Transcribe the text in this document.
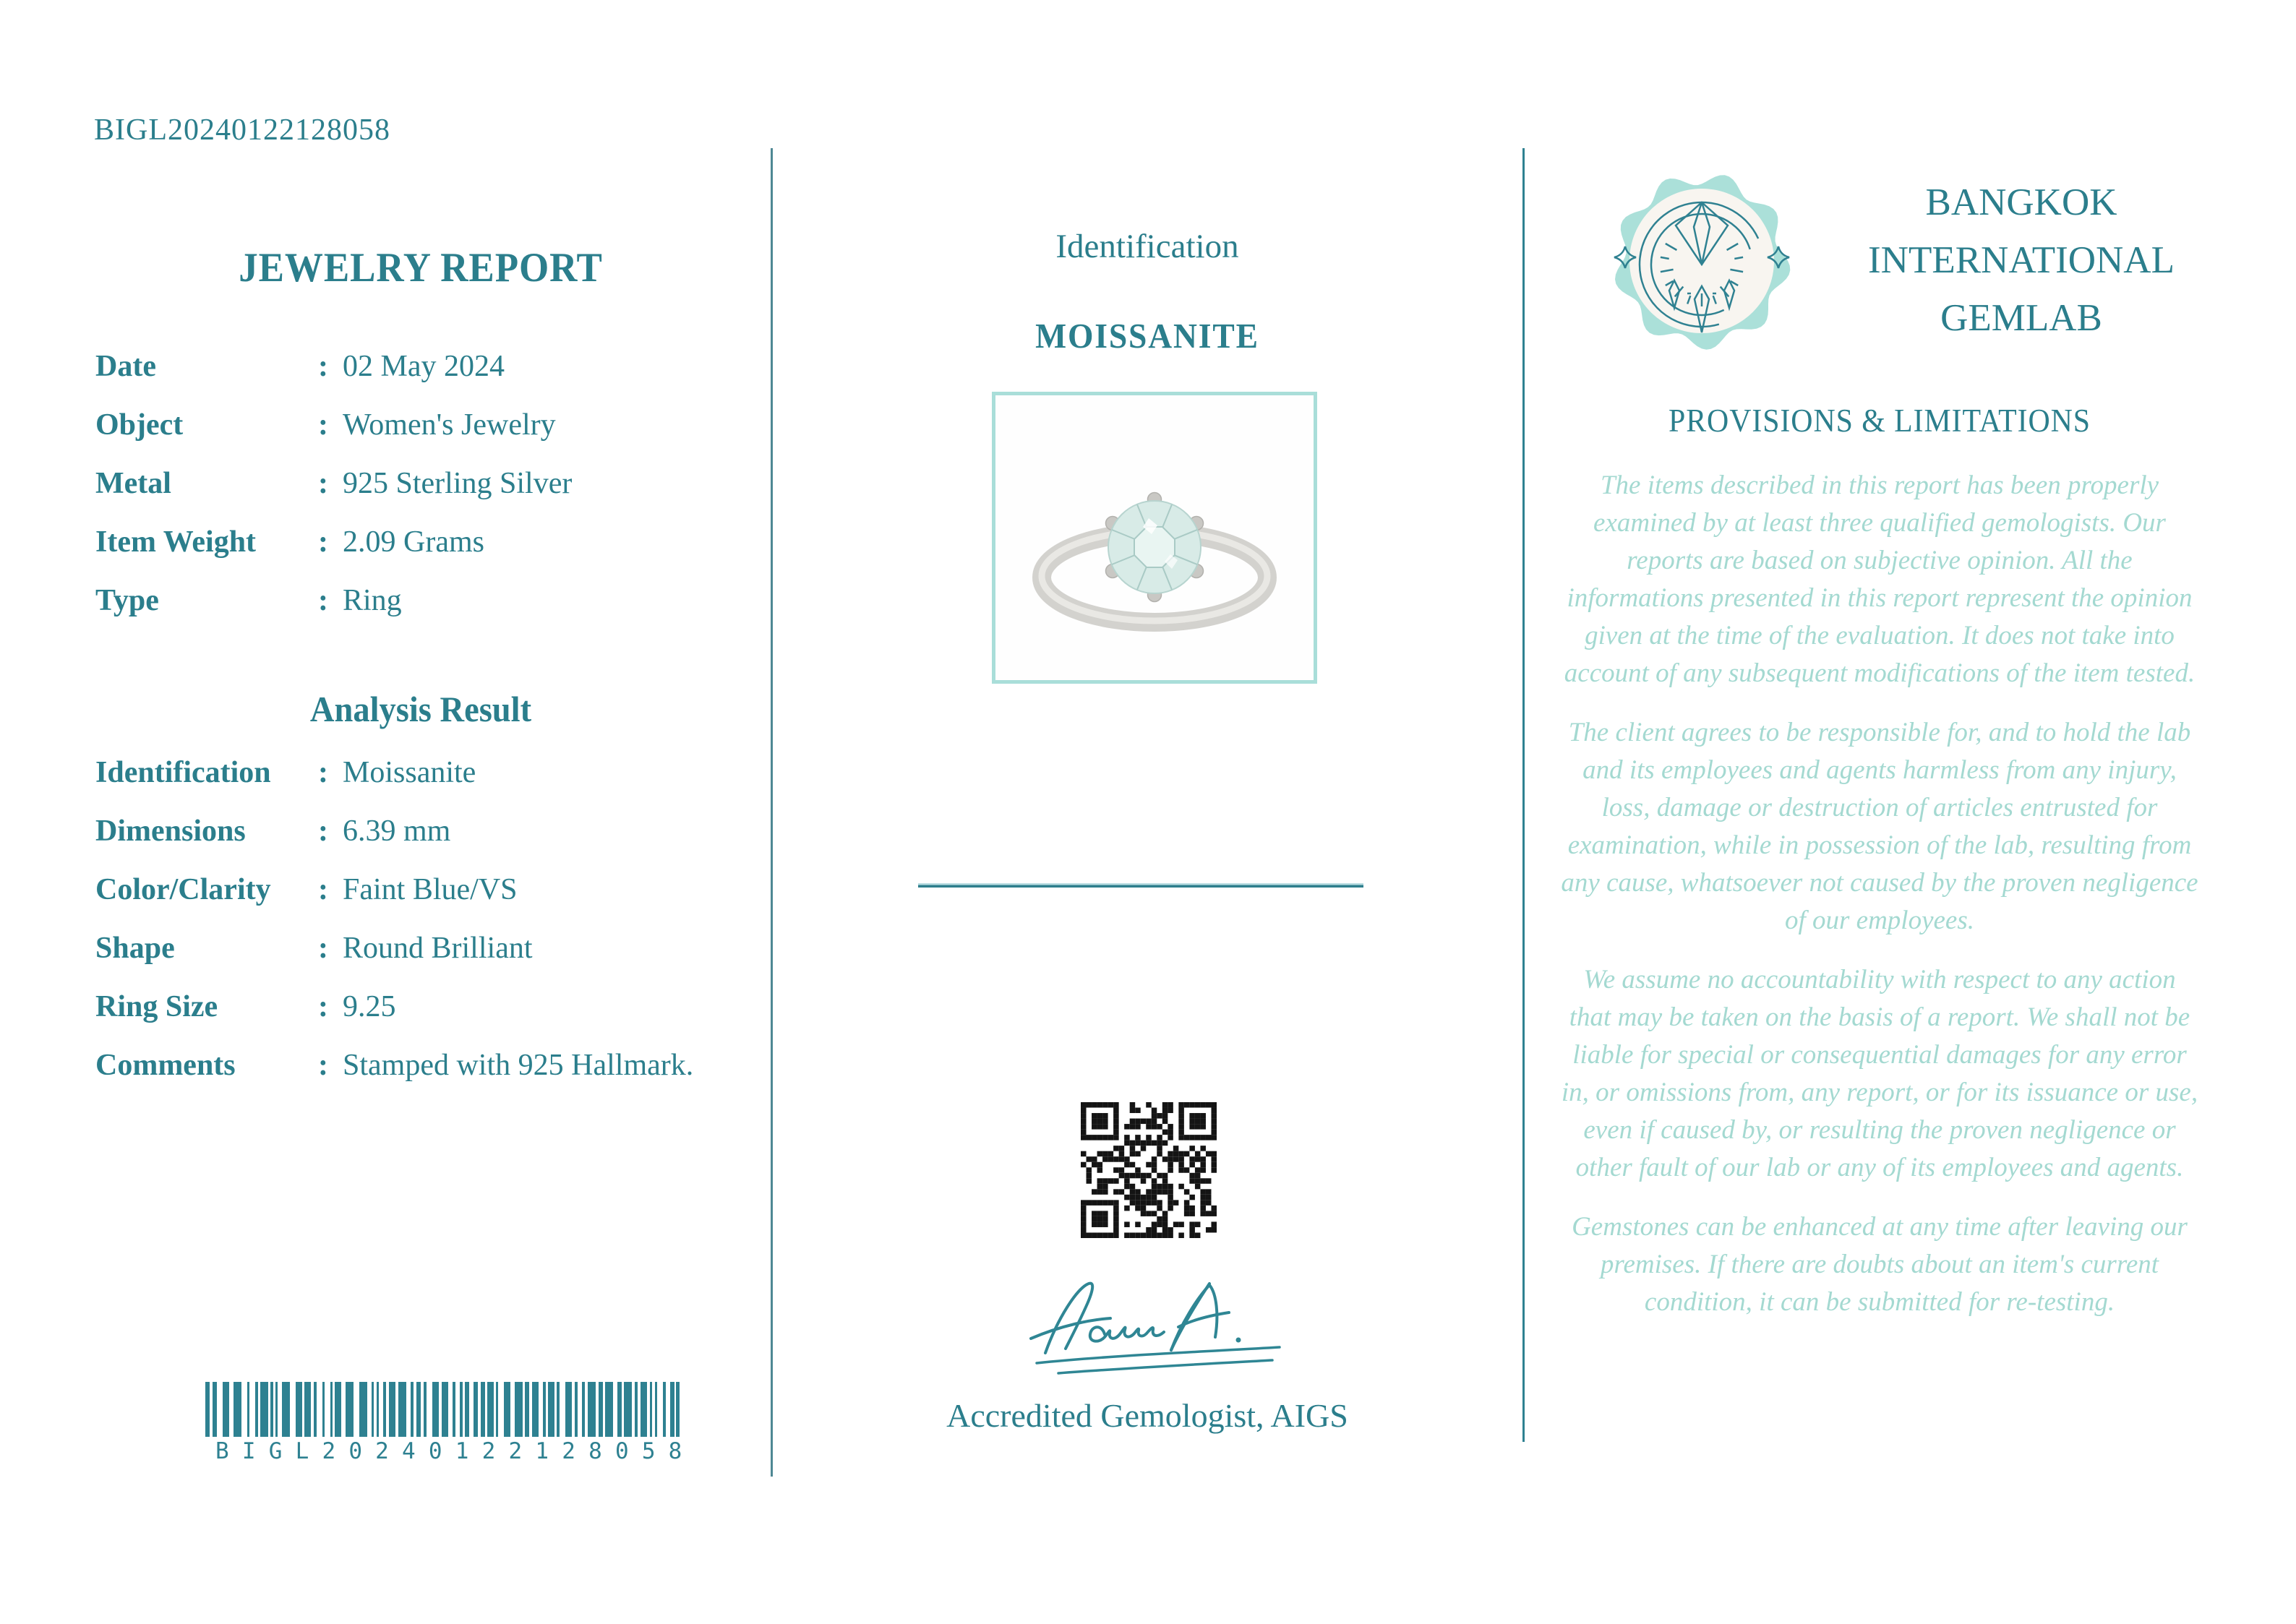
BIGL20240122128058
JEWELRY REPORT
Date	: 02 May 2024
Object	: Women's Jewelry
Metal	: 925 Sterling Silver
Item Weight	: 2.09 Grams
Type	: Ring
Analysis Result
Identification	: Moissanite
Dimensions	: 6.39 mm
Color/Clarity	: Faint Blue/VS
Shape	: Round Brilliant
Ring Size	: 9.25
Comments	: Stamped with 925 Hallmark.
BIGL20240122128058
Identification
MOISSANITE
Accredited Gemologist, AIGS
BANGKOK
INTERNATIONAL
GEMLAB
PROVISIONS & LIMITATIONS

The items described in this report has been properly examined by at least three qualified gemologists. Our reports are based on subjective opinion. All the informations presented in this report represent the opinion given at the time of the evaluation. It does not take into account of any subsequent modifications of the item tested.

The client agrees to be responsible for, and to hold the lab and its employees and agents harmless from any injury, loss, damage or destruction of articles entrusted for examination, while in possession of the lab, resulting from any cause, whatsoever not caused by the proven negligence of our employees.

We assume no accountability with respect to any action that may be taken on the basis of a report. We shall not be liable for special or consequential damages for any error in, or omissions from, any report, or for its issuance or use, even if caused by, or resulting the proven negligence or other fault of our lab or any of its employees and agents.

Gemstones can be enhanced at any time after leaving our premises. If there are doubts about an item's current condition, it can be submitted for re-testing.
